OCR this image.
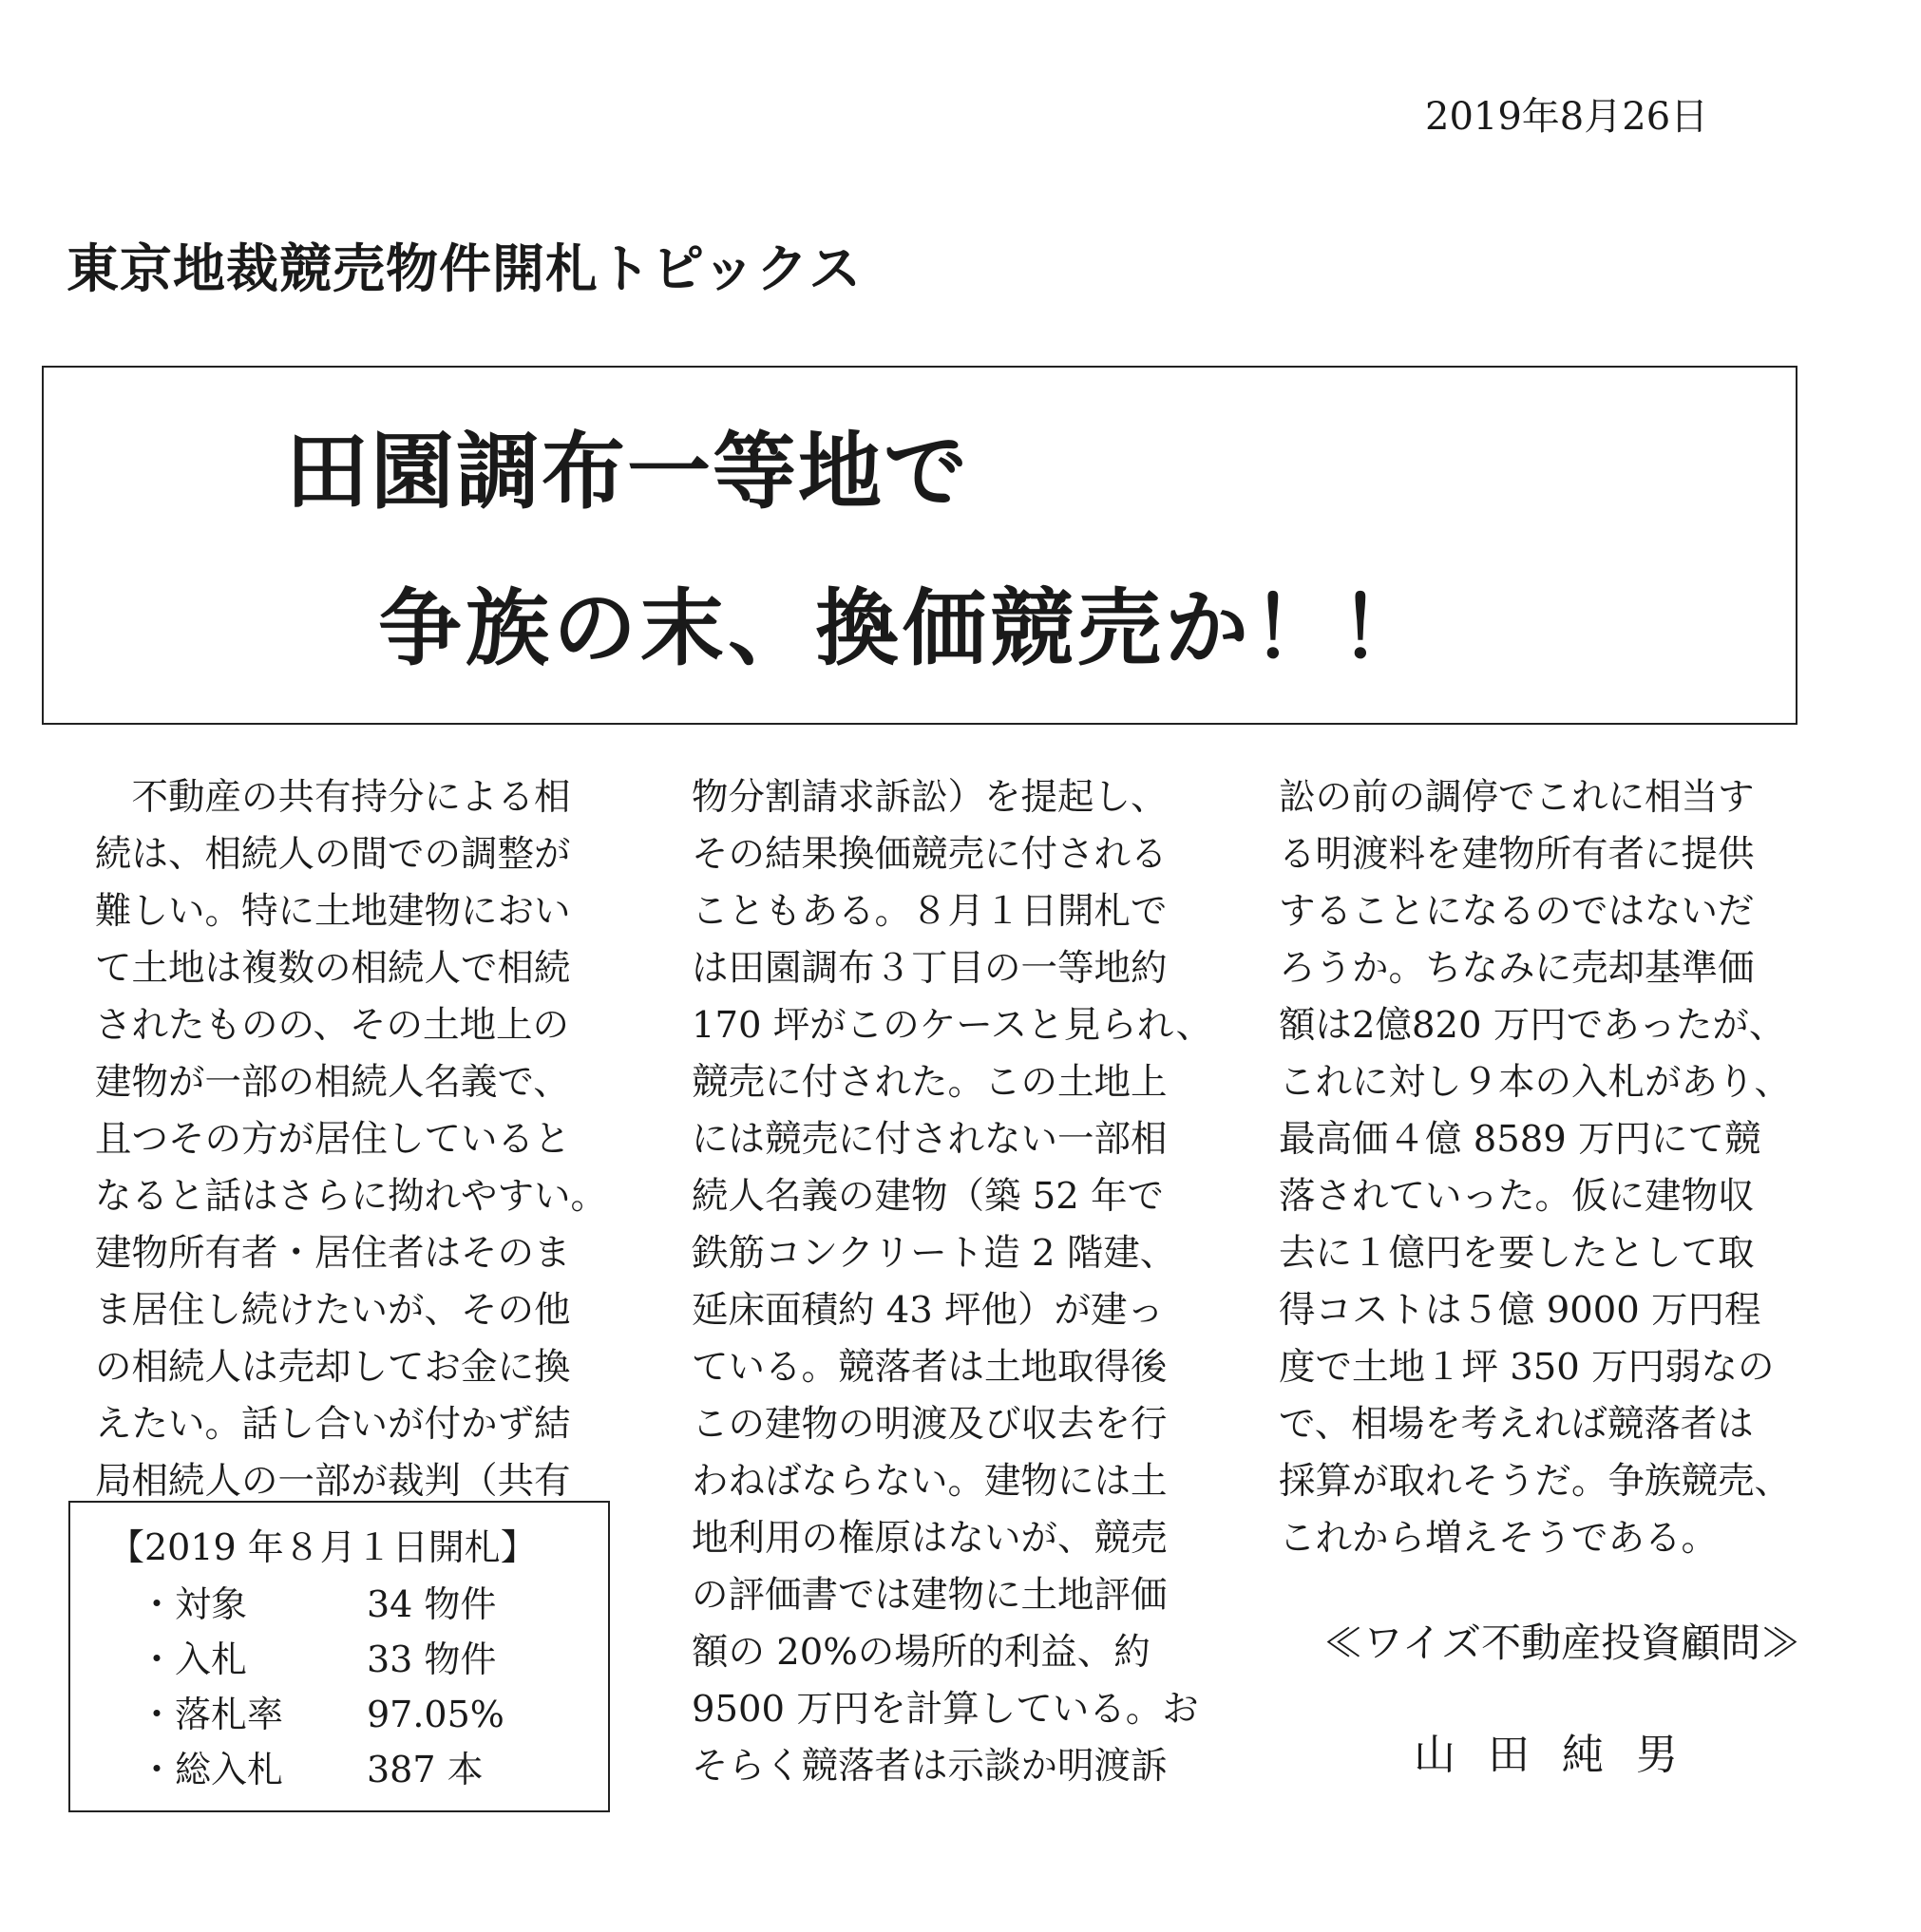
2019年8月26日
東京地裁競売物件開札トピックス
田園調布一等地で
争族の末、換価競売か！！
　不動産の共有持分による相
続は、相続人の間での調整が
難しい。特に土地建物におい
て土地は複数の相続人で相続
されたものの、その土地上の
建物が一部の相続人名義で、
且つその方が居住していると
なると話はさらに拗れやすい。
建物所有者・居住者はそのま
ま居住し続けたいが、その他
の相続人は売却してお金に換
えたい。話し合いが付かず結
局相続人の一部が裁判（共有
物分割請求訴訟）を提起し、
その結果換価競売に付される
こともある。８月１日開札で
は田園調布３丁目の一等地約
170 坪がこのケースと見られ、
競売に付された。この土地上
には競売に付されない一部相
続人名義の建物（築 52 年で
鉄筋コンクリート造 2 階建、
延床面積約 43 坪他）が建っ
ている。競落者は土地取得後
この建物の明渡及び収去を行
わねばならない。建物には土
地利用の権原はないが、競売
の評価書では建物に土地評価
額の 20%の場所的利益、約
9500 万円を計算している。お
そらく競落者は示談か明渡訴
訟の前の調停でこれに相当す
る明渡料を建物所有者に提供
することになるのではないだ
ろうか。ちなみに売却基準価
額は2億820 万円であったが、
これに対し９本の入札があり、
最高価４億 8589 万円にて競
落されていった。仮に建物収
去に１億円を要したとして取
得コストは５億 9000 万円程
度で土地１坪 350 万円弱なの
で、相場を考えれば競落者は
採算が取れそうだ。争族競売、
これから増えそうである。
【2019 年８月１日開札】
・対象	34 物件
・入札	33 物件
・落札率 97.05%
・総入札 387 本
≪ワイズ不動産投資顧問≫
山田純男
